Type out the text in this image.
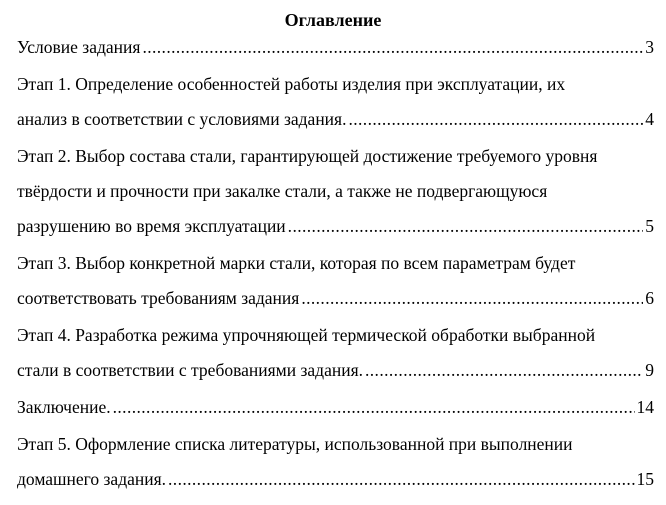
Оглавление
Условие задания .....	3
Этап 1. Определение особенностей работы изделия при эксплуатации, их
анализ в соответствии с условиями задания. .....	4
Этап 2. Выбор состава стали, гарантирующей достижение требуемого уровня
твёрдости и прочности при закалке стали, а также не подвергающуюся
разрушению во время эксплуатации .....	5
Этап 3. Выбор конкретной марки стали, которая по всем параметрам будет
соответствовать требованиям задания .....	6
Этап 4. Разработка режима упрочняющей термической обработки выбранной
стали в соответствии с требованиями задания. .....	9
Заключение. .....	14
Этап 5. Оформление списка литературы, использованной при выполнении
домашнего задания. .....	15
